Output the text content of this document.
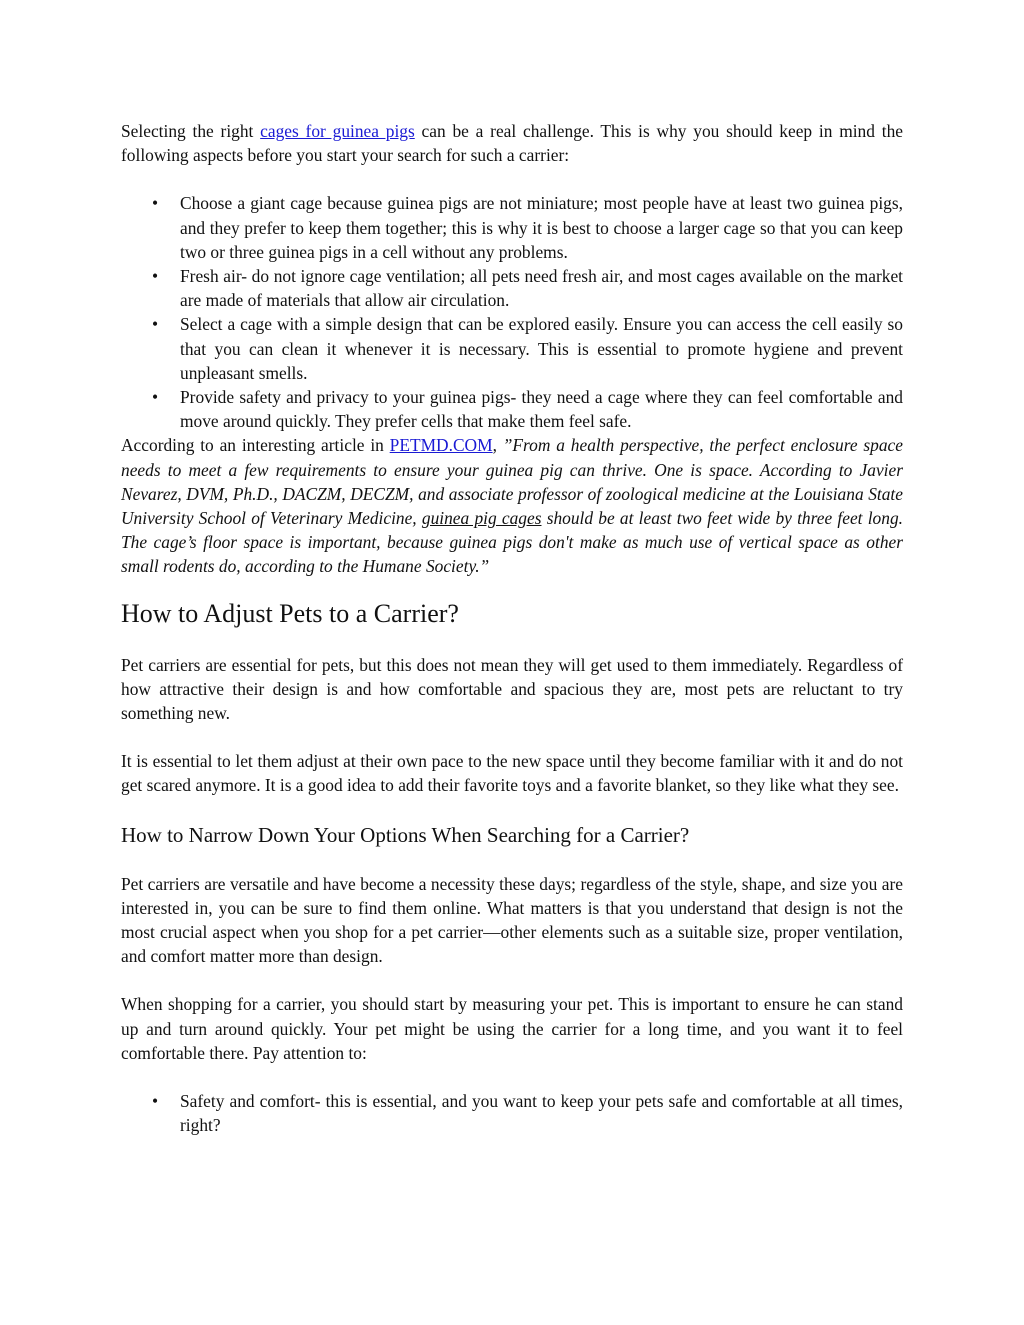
Selecting the right cages for guinea pigs can be a real challenge. This is why you should keep in mind the following aspects before you start your search for such a carrier:

• Choose a giant cage because guinea pigs are not miniature; most people have at least two guinea pigs, and they prefer to keep them together; this is why it is best to choose a larger cage so that you can keep two or three guinea pigs in a cell without any problems.
• Fresh air- do not ignore cage ventilation; all pets need fresh air, and most cages available on the market are made of materials that allow air circulation.
• Select a cage with a simple design that can be explored easily. Ensure you can access the cell easily so that you can clean it whenever it is necessary. This is essential to promote hygiene and prevent unpleasant smells.
• Provide safety and privacy to your guinea pigs- they need a cage where they can feel comfortable and move around quickly. They prefer cells that make them feel safe.

According to an interesting article in PETMD.COM, ”From a health perspective, the perfect enclosure space needs to meet a few requirements to ensure your guinea pig can thrive. One is space. According to Javier Nevarez, DVM, Ph.D., DACZM, DECZM, and associate professor of zoological medicine at the Louisiana State University School of Veterinary Medicine, guinea pig cages should be at least two feet wide by three feet long. The cage’s floor space is important, because guinea pigs don't make as much use of vertical space as other small rodents do, according to the Humane Society.”

How to Adjust Pets to a Carrier?

Pet carriers are essential for pets, but this does not mean they will get used to them immediately. Regardless of how attractive their design is and how comfortable and spacious they are, most pets are reluctant to try something new.

It is essential to let them adjust at their own pace to the new space until they become familiar with it and do not get scared anymore. It is a good idea to add their favorite toys and a favorite blanket, so they like what they see.

How to Narrow Down Your Options When Searching for a Carrier?

Pet carriers are versatile and have become a necessity these days; regardless of the style, shape, and size you are interested in, you can be sure to find them online. What matters is that you understand that design is not the most crucial aspect when you shop for a pet carrier—other elements such as a suitable size, proper ventilation, and comfort matter more than design.

When shopping for a carrier, you should start by measuring your pet. This is important to ensure he can stand up and turn around quickly. Your pet might be using the carrier for a long time, and you want it to feel comfortable there. Pay attention to:

• Safety and comfort- this is essential, and you want to keep your pets safe and comfortable at all times, right?
